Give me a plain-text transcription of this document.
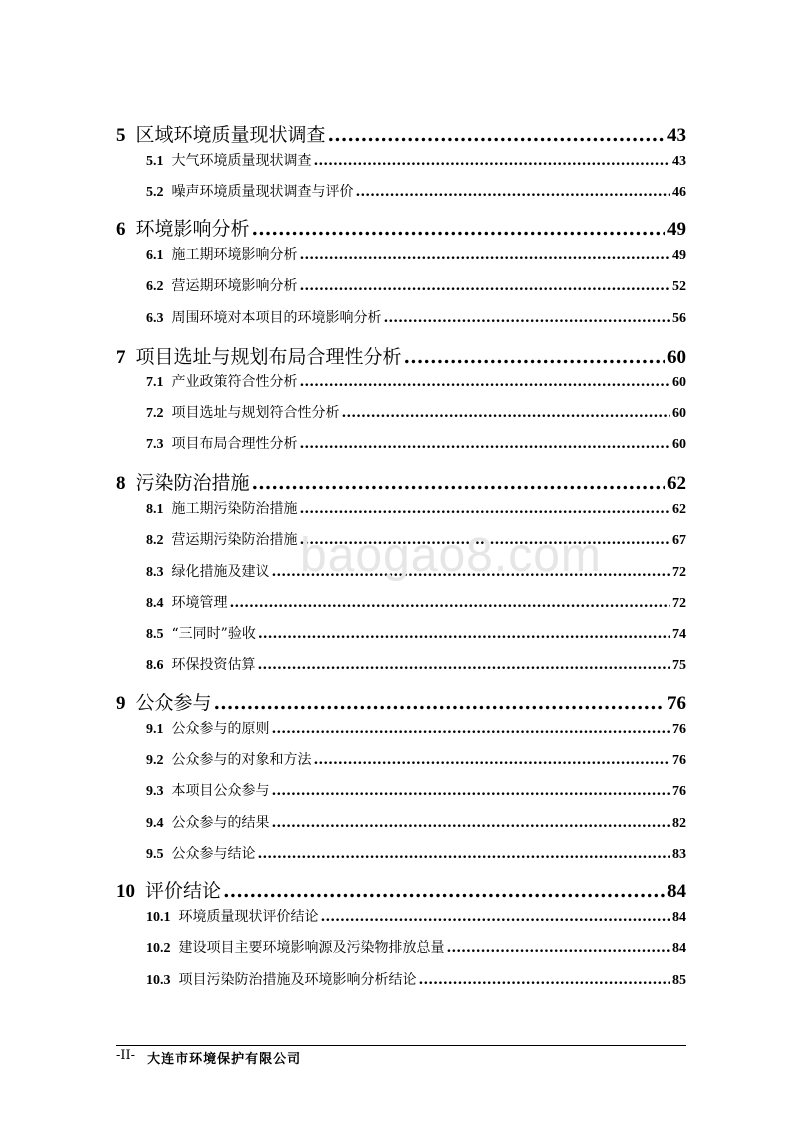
5 区域环境质量现状调查 .....	43
5.1 大气环境质量现状调查 .....	43
5.2 噪声环境质量现状调查与评价 .....	46
6 环境影响分析 .....	49
6.1 施工期环境影响分析 .....	49
6.2 营运期环境影响分析 .....	52
6.3 周围环境对本项目的环境影响分析 .....	56
7 项目选址与规划布局合理性分析 .....	60
7.1 产业政策符合性分析 .....	60
7.2 项目选址与规划符合性分析 .....	60
7.3 项目布局合理性分析 .....	60
8 污染防治措施 .....	62
8.1 施工期污染防治措施 .....	62
8.2 营运期污染防治措施 .....	67
8.3 绿化措施及建议 .....	72
8.4 环境管理 .....	72
8.5 “三同时”验收 .....	74
8.6 环保投资估算 .....	75
9 公众参与 .....	76
9.1 公众参与的原则 .....	76
9.2 公众参与的对象和方法 .....	76
9.3 本项目公众参与 .....	76
9.4 公众参与的结果 .....	82
9.5 公众参与结论 .....	83
10 评价结论 .....	84
10.1 环境质量现状评价结论 .....	84
10.2 建设项目主要环境影响源及污染物排放总量 .....	84
10.3 项目污染防治措施及环境影响分析结论 .....	85
baogao8.com
-II- 大连市环境保护有限公司
